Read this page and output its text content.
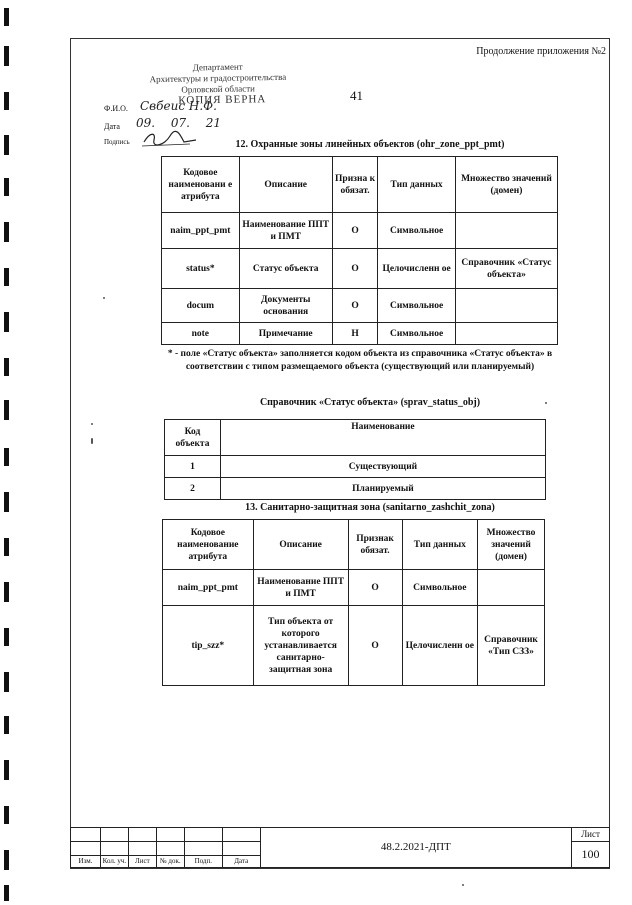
Продолжение приложения №2
41
Департамент
Архитектуры и градостроительства
Орловской области
КОПИЯ ВЕРНА
Ф.И.О. Свбеис Н.Ф.
Дата 09. 07. 21
Подпись	12. Охранные зоны линейных объектов (ohr_zone_ppt_pmt)
Кодовое наименовани е атрибута	Описание	Призна к обязат.	Тип данных	Множество значений (домен)
naim_ppt_pmt	Наименование ППТ и ПМТ	О	Символьное	
status*	Статус объекта	О	Целочисленн ое	Справочник «Статус объекта»
docum	Документы основания	О	Символьное	
note	Примечание	Н	Символьное	
* - поле «Статус объекта» заполняется кодом объекта из справочника «Статус объекта» в соответствии с типом размещаемого объекта (существующий или планируемый)
Справочник «Статус объекта» (sprav_status_obj)
Код объекта	Наименование
1	Существующий
2	Планируемый
13. Санитарно-защитная зона (sanitarno_zashchit_zona)
Кодовое наименование атрибута	Описание	Признак обязат.	Тип данных	Множество значений (домен)
naim_ppt_pmt	Наименование ППТ и ПМТ	О	Символьное	
tip_szz*	Тип объекта от которого устанавливается санитарно-защитная зона	О	Целочисленн ое	Справочник «Тип СЗЗ»
						48.2.2021-ДПТ	Лист
							100
Изм.	Кол. уч.	Лист	№ док.	Подп.	Дата		
